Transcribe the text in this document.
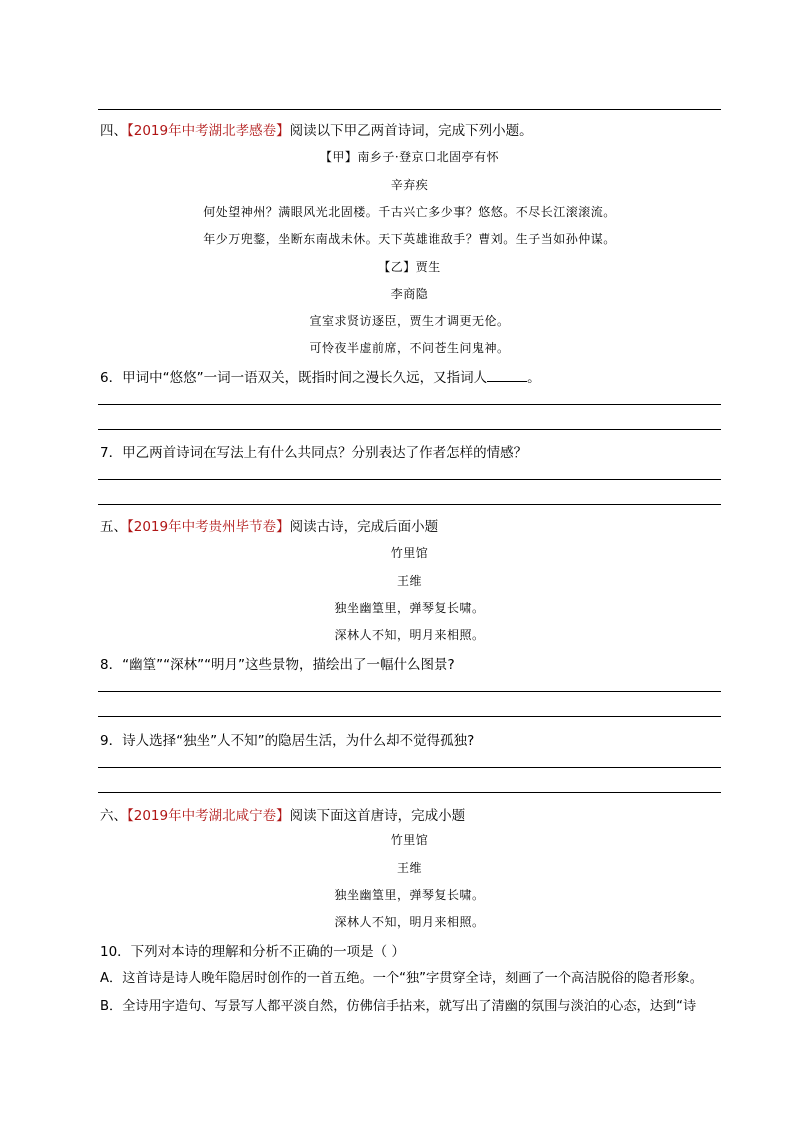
四、【2019年中考湖北孝感卷】阅读以下甲乙两首诗词，完成下列小题。
【甲】南乡子·登京口北固亭有怀
辛弃疾
何处望神州？满眼风光北固楼。千古兴亡多少事？悠悠。不尽长江滚滚流。
年少万兜鍪，坐断东南战未休。天下英雄谁敌手？曹刘。生子当如孙仲谋。
【乙】贾生
李商隐
宣室求贤访逐臣，贾生才调更无伦。
可怜夜半虚前席，不问苍生问鬼神。
6．甲词中“悠悠”一词一语双关，既指时间之漫长久远，又指词人	。
7．甲乙两首诗词在写法上有什么共同点？分别表达了作者怎样的情感？
五、【2019年中考贵州毕节卷】阅读古诗，完成后面小题
竹里馆
王维
独坐幽篁里，弹琴复长啸。
深林人不知，明月来相照。
8．“幽篁”“深林”“明月”这些景物，描绘出了一幅什么图景?
9．诗人选择“独坐”人不知”的隐居生活，为什么却不觉得孤独?
六、【2019年中考湖北咸宁卷】阅读下面这首唐诗，完成小题
竹里馆
王维
独坐幽篁里，弹琴复长啸。
深林人不知，明月来相照。
10．下列对本诗的理解和分析不正确的一项是（ ）
A．这首诗是诗人晚年隐居时创作的一首五绝。一个“独”字贯穿全诗，刻画了一个高洁脱俗的隐者形象。
B．全诗用字造句、写景写人都平淡自然，仿佛信手拈来，就写出了清幽的氛围与淡泊的心态，达到“诗
